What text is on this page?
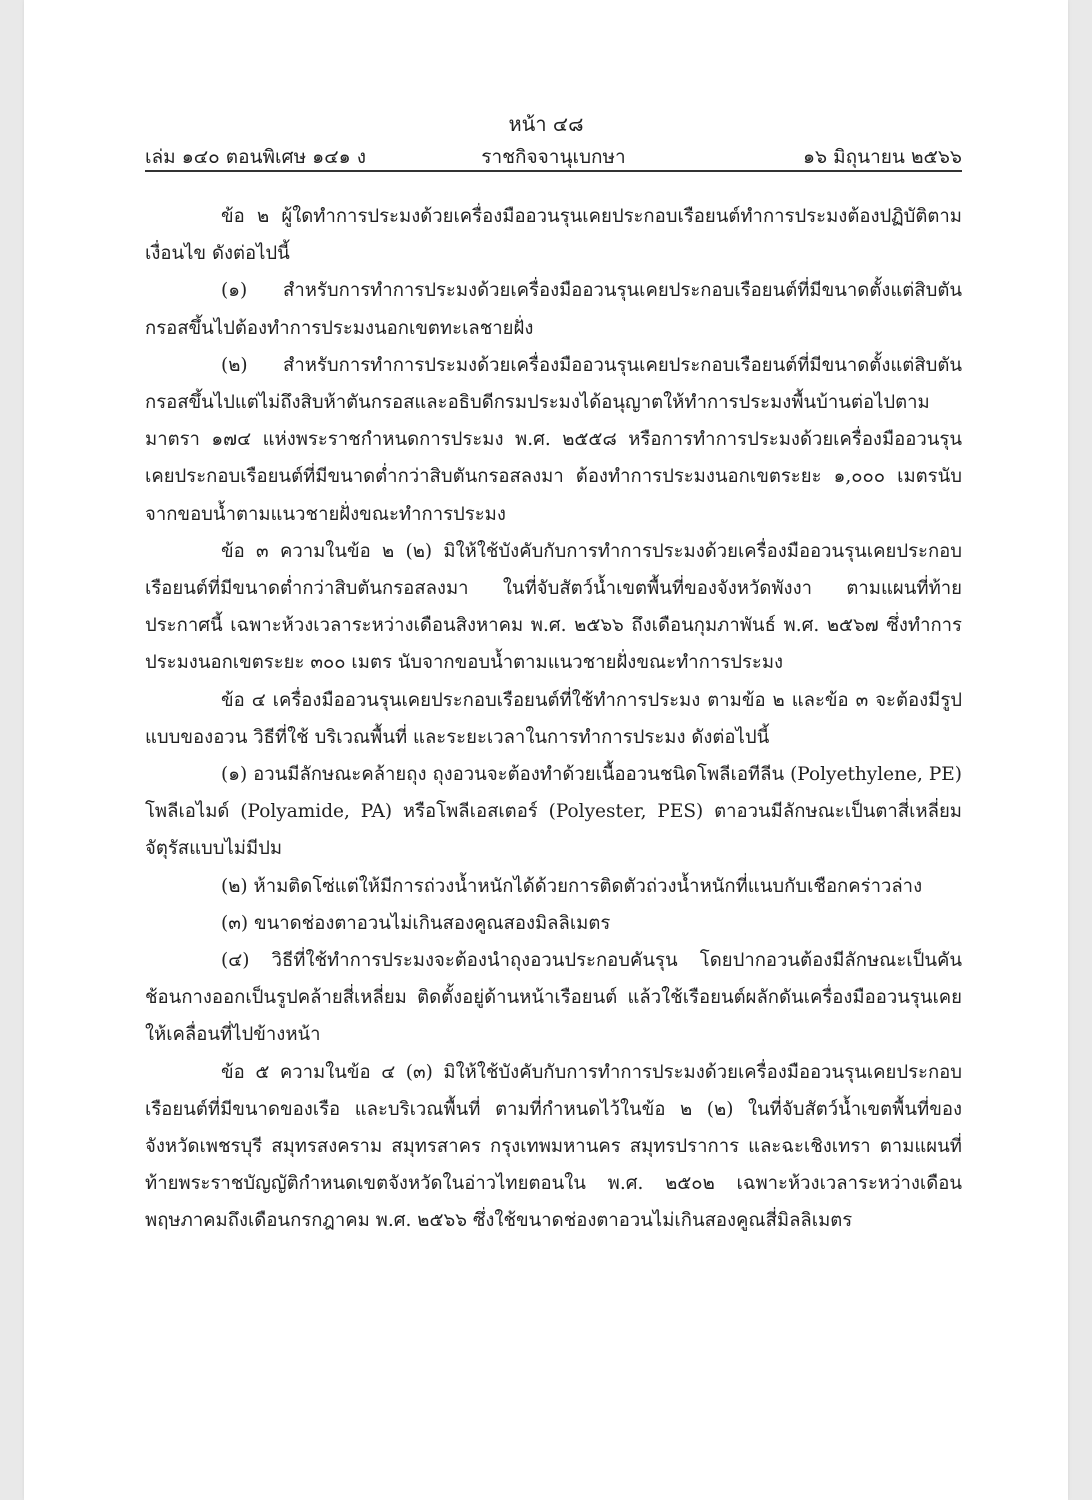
หน้า ๔๘
ราชกิจจานุเบกษา
เล่ม ๑๔๐ ตอนพิเศษ ๑๔๑ ง	๑๖ มิถุนายน ๒๕๖๖

ข้อ ๒ ผู้ใดทำการประมงด้วยเครื่องมืออวนรุนเคยประกอบเรือยนต์ทำการประมงต้องปฏิบัติตามเงื่อนไข ดังต่อไปนี้

(๑) สำหรับการทำการประมงด้วยเครื่องมืออวนรุนเคยประกอบเรือยนต์ที่มีขนาดตั้งแต่สิบตันกรอสขึ้นไปต้องทำการประมงนอกเขตทะเลชายฝั่ง

(๒) สำหรับการทำการประมงด้วยเครื่องมืออวนรุนเคยประกอบเรือยนต์ที่มีขนาดตั้งแต่สิบตันกรอสขึ้นไปแต่ไม่ถึงสิบห้าตันกรอสและอธิบดีกรมประมงได้อนุญาตให้ทำการประมงพื้นบ้านต่อไปตามมาตรา ๑๗๔ แห่งพระราชกำหนดการประมง พ.ศ. ๒๕๕๘ หรือการทำการประมงด้วยเครื่องมืออวนรุนเคยประกอบเรือยนต์ที่มีขนาดต่ำกว่าสิบตันกรอสลงมา ต้องทำการประมงนอกเขตระยะ ๑,๐๐๐ เมตรนับจากขอบน้ำตามแนวชายฝั่งขณะทำการประมง

ข้อ ๓ ความในข้อ ๒ (๒) มิให้ใช้บังคับกับการทำการประมงด้วยเครื่องมืออวนรุนเคยประกอบเรือยนต์ที่มีขนาดต่ำกว่าสิบตันกรอสลงมา ในที่จับสัตว์น้ำเขตพื้นที่ของจังหวัดพังงา ตามแผนที่ท้ายประกาศนี้ เฉพาะห้วงเวลาระหว่างเดือนสิงหาคม พ.ศ. ๒๕๖๖ ถึงเดือนกุมภาพันธ์ พ.ศ. ๒๕๖๗ ซึ่งทำการประมงนอกเขตระยะ ๓๐๐ เมตร นับจากขอบน้ำตามแนวชายฝั่งขณะทำการประมง

ข้อ ๔ เครื่องมืออวนรุนเคยประกอบเรือยนต์ที่ใช้ทำการประมง ตามข้อ ๒ และข้อ ๓ จะต้องมีรูปแบบของอวน วิธีที่ใช้ บริเวณพื้นที่ และระยะเวลาในการทำการประมง ดังต่อไปนี้

(๑) อวนมีลักษณะคล้ายถุง ถุงอวนจะต้องทำด้วยเนื้ออวนชนิดโพลีเอทีลีน (Polyethylene, PE) โพลีเอไมด์ (Polyamide, PA) หรือโพลีเอสเตอร์ (Polyester, PES) ตาอวนมีลักษณะเป็นตาสี่เหลี่ยมจัตุรัสแบบไม่มีปม

(๒) ห้ามติดโซ่แต่ให้มีการถ่วงน้ำหนักได้ด้วยการติดตัวถ่วงน้ำหนักที่แนบกับเชือกคร่าวล่าง

(๓) ขนาดช่องตาอวนไม่เกินสองคูณสองมิลลิเมตร

(๔) วิธีที่ใช้ทำการประมงจะต้องนำถุงอวนประกอบคันรุน โดยปากอวนต้องมีลักษณะเป็นคันช้อนกางออกเป็นรูปคล้ายสี่เหลี่ยม ติดตั้งอยู่ด้านหน้าเรือยนต์ แล้วใช้เรือยนต์ผลักดันเครื่องมืออวนรุนเคยให้เคลื่อนที่ไปข้างหน้า

ข้อ ๕ ความในข้อ ๔ (๓) มิให้ใช้บังคับกับการทำการประมงด้วยเครื่องมืออวนรุนเคยประกอบเรือยนต์ที่มีขนาดของเรือ และบริเวณพื้นที่ ตามที่กำหนดไว้ในข้อ ๒ (๒) ในที่จับสัตว์น้ำเขตพื้นที่ของจังหวัดเพชรบุรี สมุทรสงคราม สมุทรสาคร กรุงเทพมหานคร สมุทรปราการ และฉะเชิงเทรา ตามแผนที่ท้ายพระราชบัญญัติกำหนดเขตจังหวัดในอ่าวไทยตอนใน พ.ศ. ๒๕๐๒ เฉพาะห้วงเวลาระหว่างเดือนพฤษภาคมถึงเดือนกรกฎาคม พ.ศ. ๒๕๖๖ ซึ่งใช้ขนาดช่องตาอวนไม่เกินสองคูณสี่มิลลิเมตร
